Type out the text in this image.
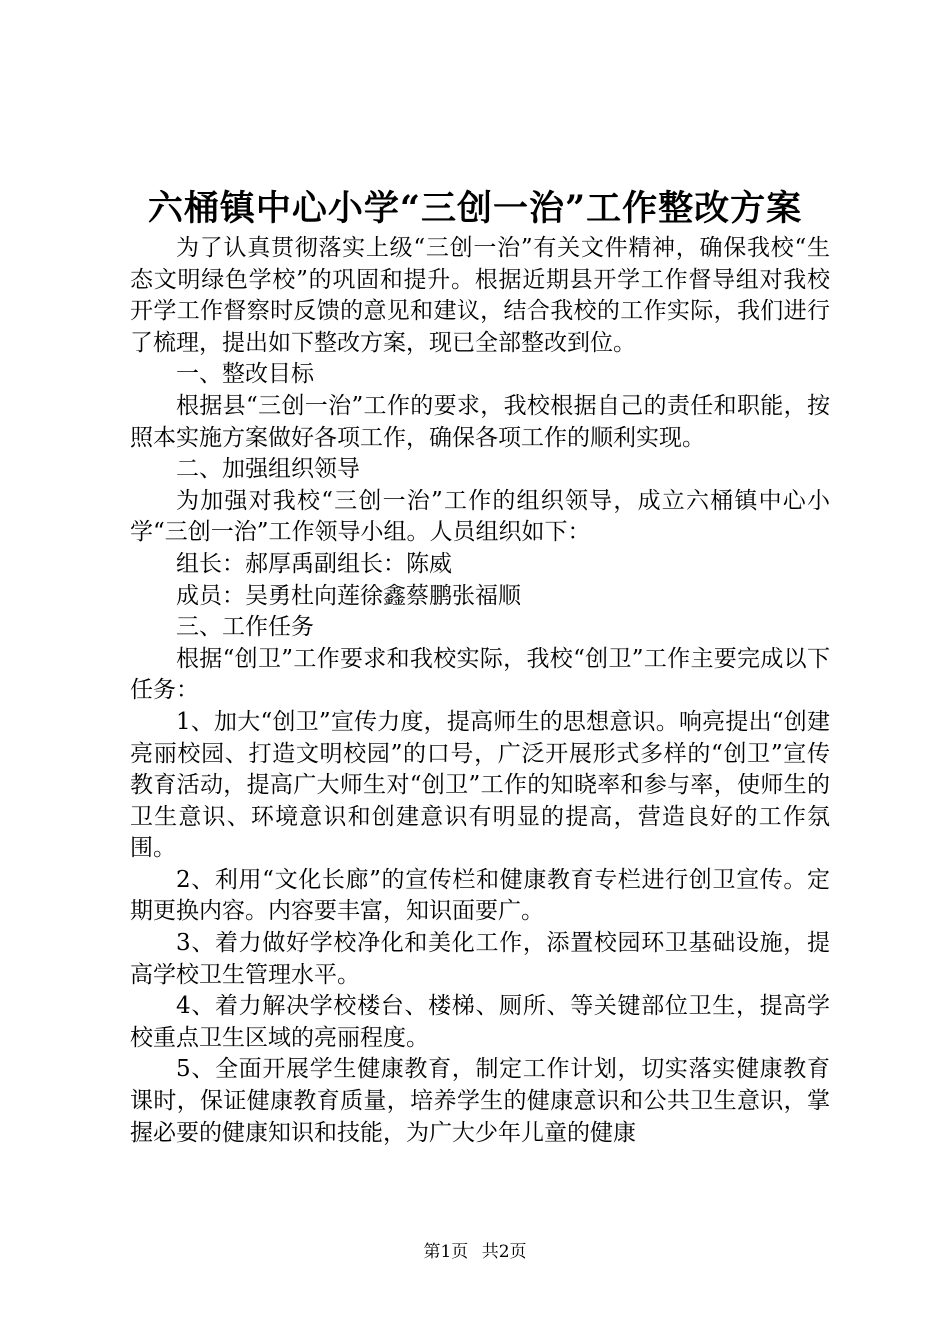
六桶镇中心小学“三创一治”工作整改方案

为了认真贯彻落实上级“三创一治”有关文件精神，确保我校“生态文明绿色学校”的巩固和提升。根据近期县开学工作督导组对我校开学工作督察时反馈的意见和建议，结合我校的工作实际，我们进行了梳理，提出如下整改方案，现已全部整改到位。

一、整改目标

根据县“三创一治”工作的要求，我校根据自己的责任和职能，按照本实施方案做好各项工作，确保各项工作的顺利实现。

二、加强组织领导

为加强对我校“三创一治”工作的组织领导，成立六桶镇中心小学“三创一治”工作领导小组。人员组织如下：

组长：郝厚禹副组长：陈威

成员：吴勇杜向莲徐鑫蔡鹏张福顺

三、工作任务

根据“创卫”工作要求和我校实际，我校“创卫”工作主要完成以下任务：

1、加大“创卫”宣传力度，提高师生的思想意识。响亮提出“创建亮丽校园、打造文明校园”的口号，广泛开展形式多样的“创卫”宣传教育活动，提高广大师生对“创卫”工作的知晓率和参与率，使师生的卫生意识、环境意识和创建意识有明显的提高，营造良好的工作氛围。

2、利用“文化长廊”的宣传栏和健康教育专栏进行创卫宣传。定期更换内容。内容要丰富，知识面要广。

3、着力做好学校净化和美化工作，添置校园环卫基础设施，提高学校卫生管理水平。

4、着力解决学校楼台、楼梯、厕所、等关键部位卫生，提高学校重点卫生区域的亮丽程度。

5、全面开展学生健康教育，制定工作计划，切实落实健康教育课时，保证健康教育质量，培养学生的健康意识和公共卫生意识，掌握必要的健康知识和技能，为广大少年儿童的健康

第1页 共2页
